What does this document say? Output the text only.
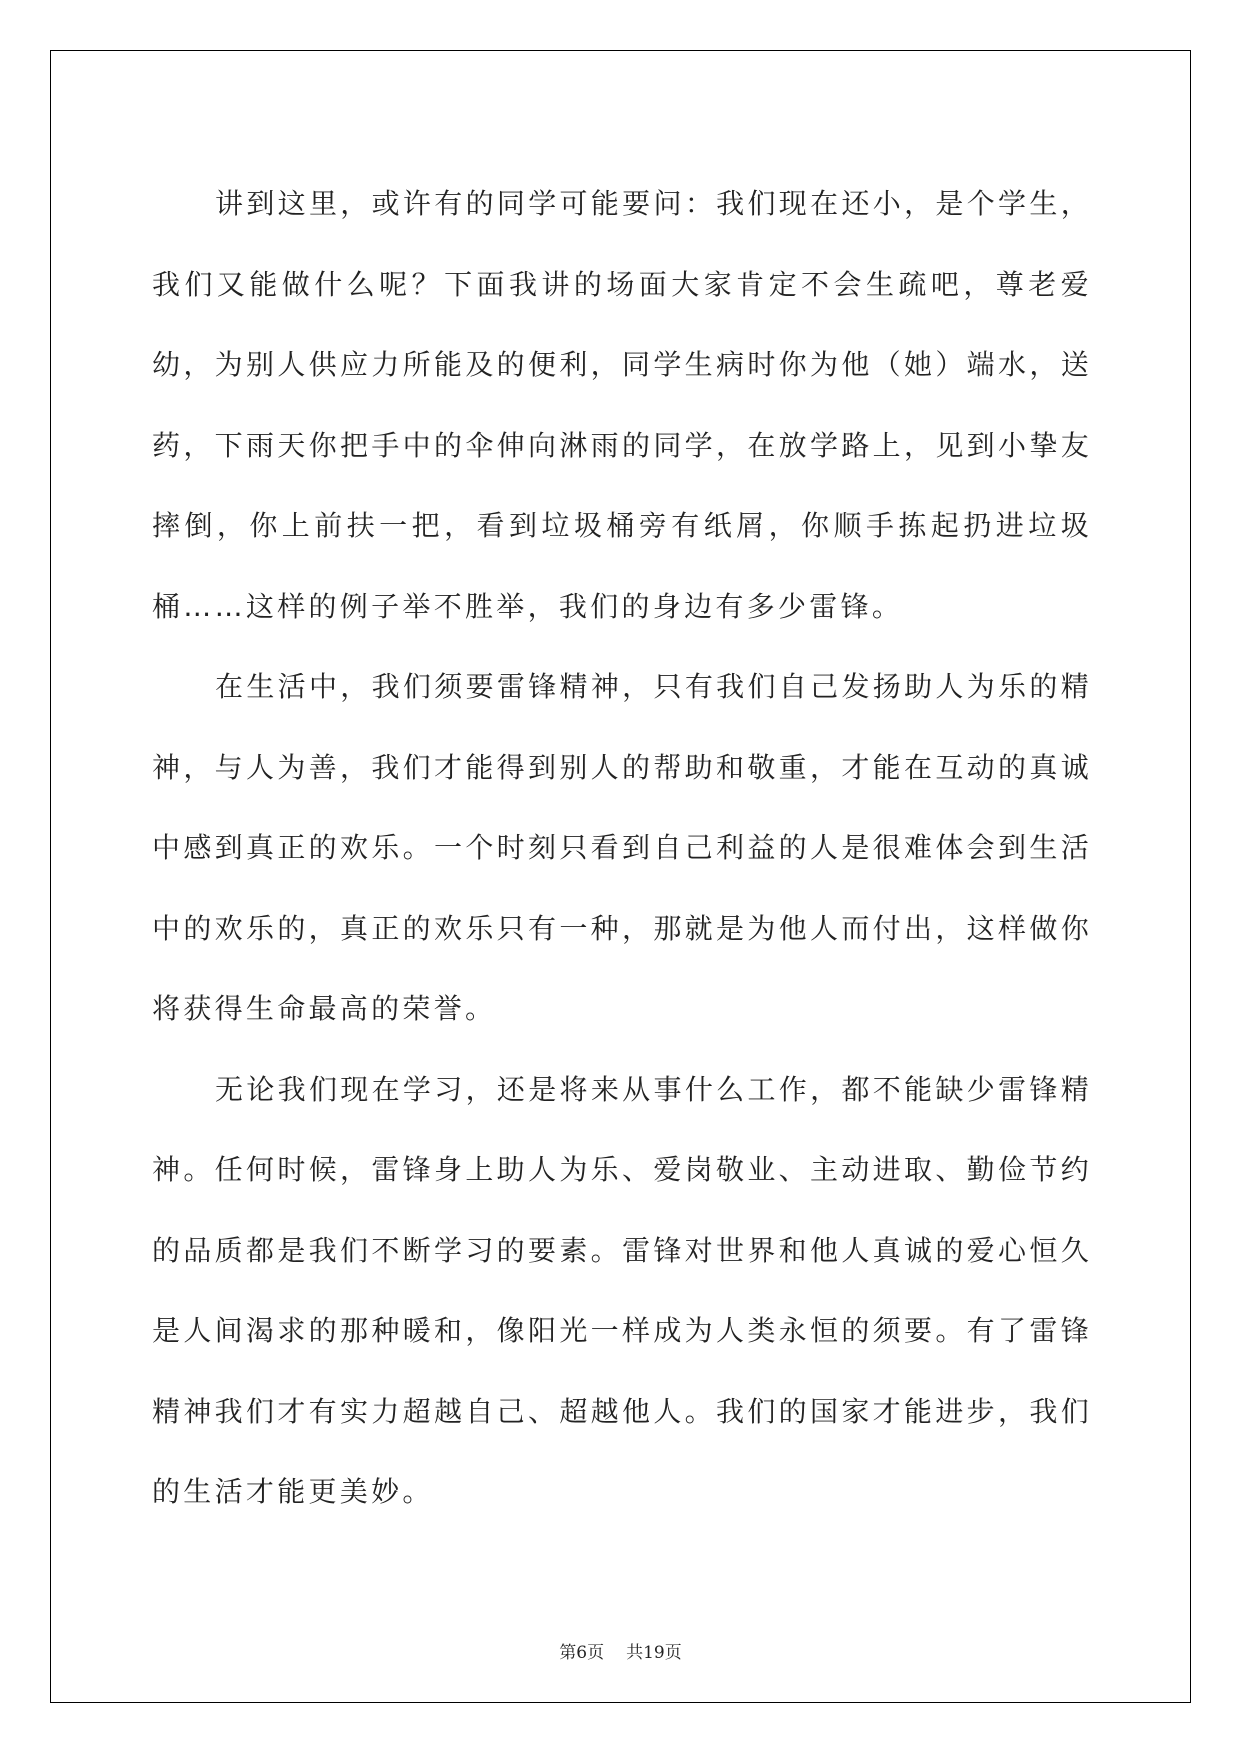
讲到这里，或许有的同学可能要问：我们现在还小，是个学生，我们又能做什么呢？下面我讲的场面大家肯定不会生疏吧，尊老爱幼，为别人供应力所能及的便利，同学生病时你为他（她）端水，送药，下雨天你把手中的伞伸向淋雨的同学，在放学路上，见到小挚友摔倒，你上前扶一把，看到垃圾桶旁有纸屑，你顺手拣起扔进垃圾桶……这样的例子举不胜举，我们的身边有多少雷锋。

在生活中，我们须要雷锋精神，只有我们自己发扬助人为乐的精神，与人为善，我们才能得到别人的帮助和敬重，才能在互动的真诚中感到真正的欢乐。一个时刻只看到自己利益的人是很难体会到生活中的欢乐的，真正的欢乐只有一种，那就是为他人而付出，这样做你将获得生命最高的荣誉。

无论我们现在学习，还是将来从事什么工作，都不能缺少雷锋精神。任何时候，雷锋身上助人为乐、爱岗敬业、主动进取、勤俭节约的品质都是我们不断学习的要素。雷锋对世界和他人真诚的爱心恒久是人间渴求的那种暖和，像阳光一样成为人类永恒的须要。有了雷锋精神我们才有实力超越自己、超越他人。我们的国家才能进步，我们的生活才能更美妙。

第6页 共19页
